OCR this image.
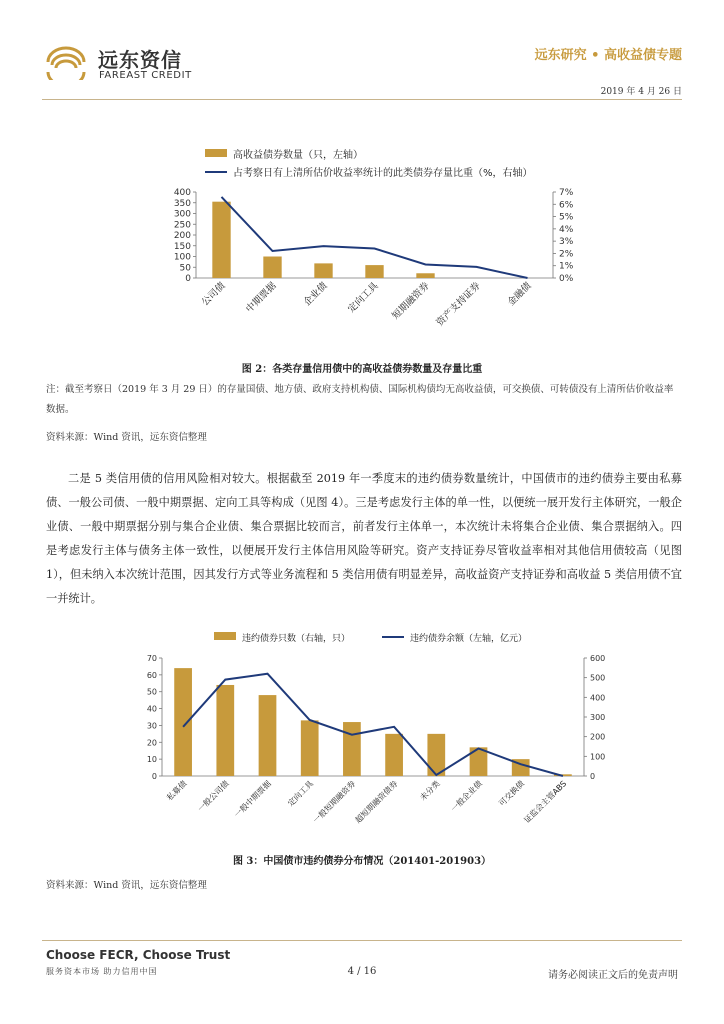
远东资信
FAREAST CREDIT
远东研究 • 高收益债专题
2019 年 4 月 26 日
高收益债券数量（只，左轴）
占考察日有上清所估价收益率统计的此类债券存量比重（%，右轴）
0
50
100
150
200
250
300
350
400
0%
1%
2%
3%
4%
5%
6%
7%
公司债 中期票据 企业债 定向工具 短期融资券 资产支持证券 金融债
图 2：各类存量信用债中的高收益债券数量及存量比重
注：截至考察日（2019 年 3 月 29 日）的存量国债、地方债、政府支持机构债、国际机构债均无高收益债，可交换债、可转债没有上清所估价收益率数据。
资料来源：Wind 资讯，远东资信整理
二是 5 类信用债的信用风险相对较大。根据截至 2019 年一季度末的违约债券数量统计，中国债市的违约债券主要由私募债、一般公司债、一般中期票据、定向工具等构成（见图 4）。三是考虑发行主体的单一性，以便统一展开发行主体研究，一般企业债、一般中期票据分别与集合企业债、集合票据比较而言，前者发行主体单一，本次统计未将集合企业债、集合票据纳入。四是考虑发行主体与债务主体一致性，以便展开发行主体信用风险等研究。资产支持证券尽管收益率相对其他信用债较高（见图 1），但未纳入本次统计范围，因其发行方式等业务流程和 5 类信用债有明显差异，高收益资产支持证券和高收益 5 类信用债不宜一并统计。
违约债券只数（右轴，只）	违约债券余额（左轴，亿元）
0
10
20
30
40
50
60
70
0
100
200
300
400
500
600
私募债 一般公司债 一般中期票据 定向工具
一般短期融资券
超短期融资债券 未分类 一般企业债 可交换债
证监会主管ABS
图 3：中国债市违约债券分布情况（201401-201903）
资料来源：Wind 资讯，远东资信整理
Choose FECR, Choose Trust
服务资本市场 助力信用中国	4 / 16	请务必阅读正文后的免责声明
